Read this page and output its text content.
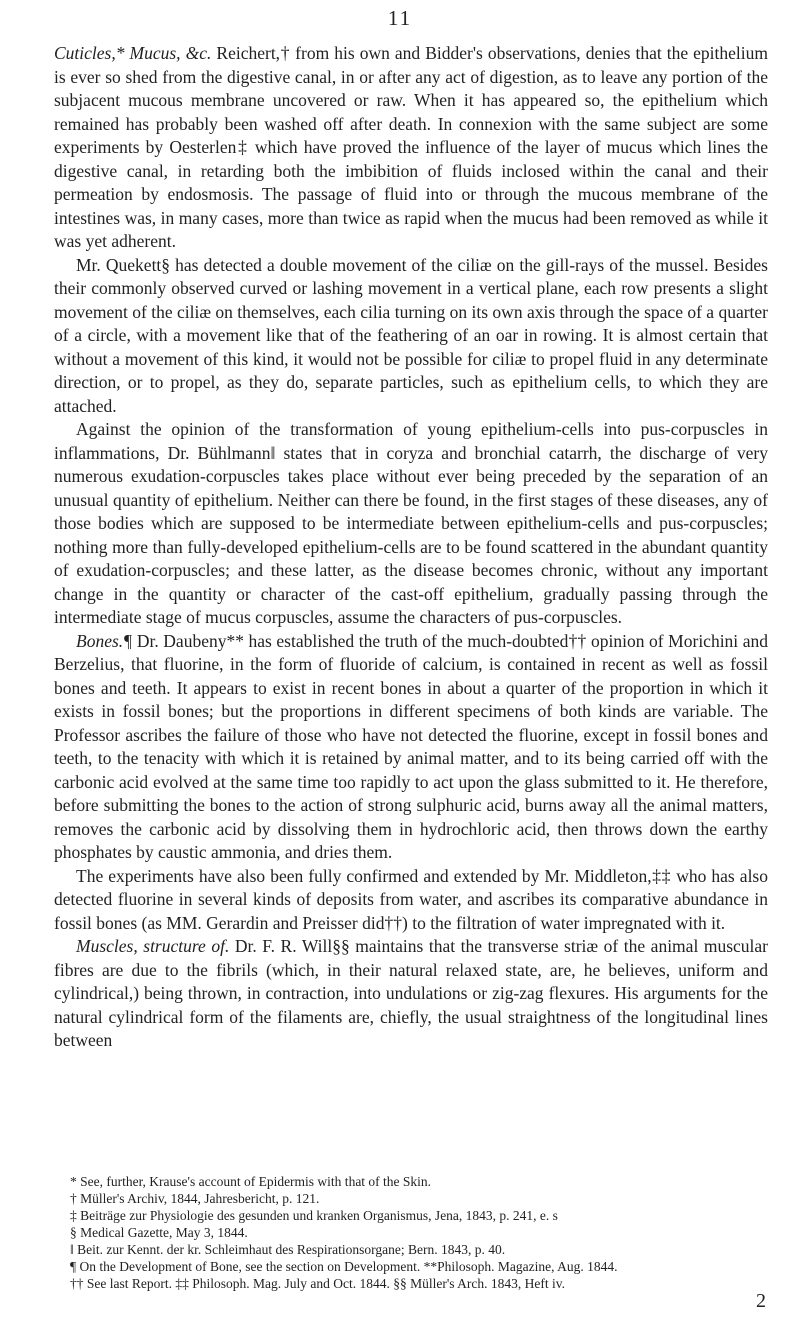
11

Cuticles,* Mucus, &c. Reichert,† from his own and Bidder's observations, denies that the epithelium is ever so shed from the digestive canal, in or after any act of digestion, as to leave any portion of the subjacent mucous membrane uncovered or raw. When it has appeared so, the epithelium which remained has probably been washed off after death. In connexion with the same subject are some experiments by Oesterlen‡ which have proved the influence of the layer of mucus which lines the digestive canal, in retarding both the imbibition of fluids inclosed within the canal and their permeation by endosmosis. The passage of fluid into or through the mucous membrane of the intestines was, in many cases, more than twice as rapid when the mucus had been removed as while it was yet adherent.

Mr. Quekett§ has detected a double movement of the ciliæ on the gill-rays of the mussel. Besides their commonly observed curved or lashing movement in a vertical plane, each row presents a slight movement of the ciliæ on themselves, each cilia turning on its own axis through the space of a quarter of a circle, with a movement like that of the feathering of an oar in rowing. It is almost certain that without a movement of this kind, it would not be possible for ciliæ to propel fluid in any determinate direction, or to propel, as they do, separate particles, such as epithelium cells, to which they are attached.

Against the opinion of the transformation of young epithelium-cells into pus-corpuscles in inflammations, Dr. Bühlmann‖ states that in coryza and bronchial catarrh, the discharge of very numerous exudation-corpuscles takes place without ever being preceded by the separation of an unusual quantity of epithelium. Neither can there be found, in the first stages of these diseases, any of those bodies which are supposed to be intermediate between epithelium-cells and pus-corpuscles; nothing more than fully-developed epithelium-cells are to be found scattered in the abundant quantity of exudation-corpuscles; and these latter, as the disease becomes chronic, without any important change in the quantity or character of the cast-off epithelium, gradually passing through the intermediate stage of mucus corpuscles, assume the characters of pus-corpuscles.

Bones.¶ Dr. Daubeny** has established the truth of the much-doubted†† opinion of Morichini and Berzelius, that fluorine, in the form of fluoride of calcium, is contained in recent as well as fossil bones and teeth. It appears to exist in recent bones in about a quarter of the proportion in which it exists in fossil bones; but the proportions in different specimens of both kinds are variable. The Professor ascribes the failure of those who have not detected the fluorine, except in fossil bones and teeth, to the tenacity with which it is retained by animal matter, and to its being carried off with the carbonic acid evolved at the same time too rapidly to act upon the glass submitted to it. He therefore, before submitting the bones to the action of strong sulphuric acid, burns away all the animal matters, removes the carbonic acid by dissolving them in hydrochloric acid, then throws down the earthy phosphates by caustic ammonia, and dries them.

The experiments have also been fully confirmed and extended by Mr. Middleton,‡‡ who has also detected fluorine in several kinds of deposits from water, and ascribes its comparative abundance in fossil bones (as MM. Gerardin and Preisser did††) to the filtration of water impregnated with it.

Muscles, structure of. Dr. F. R. Will§§ maintains that the transverse striæ of the animal muscular fibres are due to the fibrils (which, in their natural relaxed state, are, he believes, uniform and cylindrical,) being thrown, in contraction, into undulations or zig-zag flexures. His arguments for the natural cylindrical form of the filaments are, chiefly, the usual straightness of the longitudinal lines between

* See, further, Krause's account of Epidermis with that of the Skin.

† Müller's Archiv, 1844, Jahresbericht, p. 121.

‡ Beiträge zur Physiologie des gesunden und kranken Organismus, Jena, 1843, p. 241, e. s

§ Medical Gazette, May 3, 1844.

‖ Beit. zur Kennt. der kr. Schleimhaut des Respirationsorgane; Bern. 1843, p. 40.

¶ On the Development of Bone, see the section on Development. **Philosoph. Magazine, Aug. 1844.

†† See last Report. ‡‡ Philosoph. Mag. July and Oct. 1844. §§ Müller's Arch. 1843, Heft iv.

2
